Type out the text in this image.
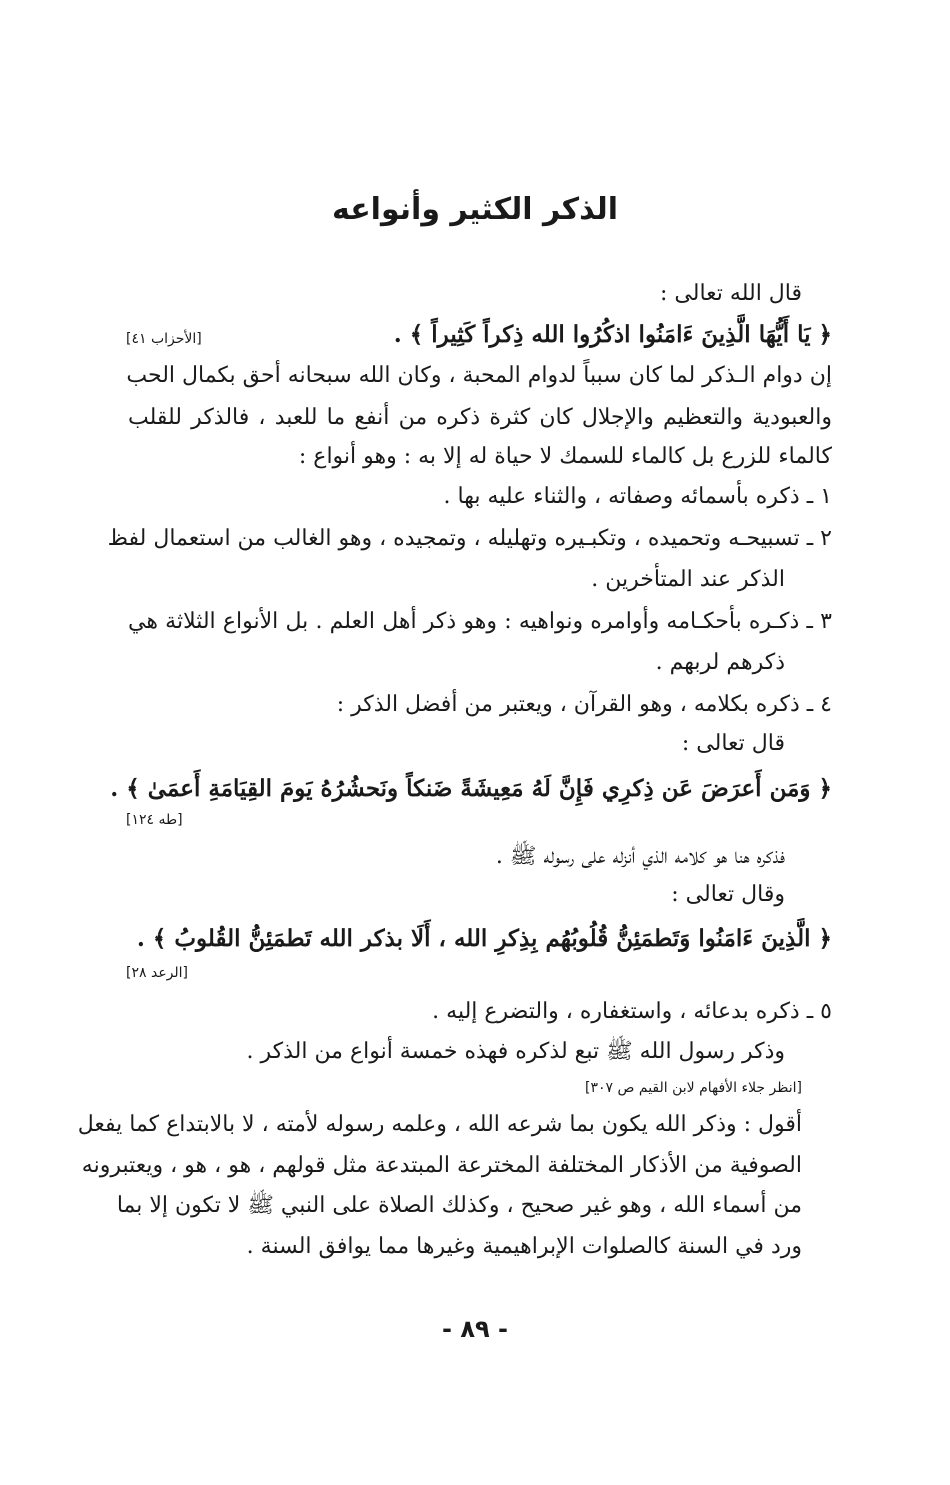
الذكر الكثير وأنواعه
قال الله تعالى :
﴿ يَا أَيُّهَا الَّذِينَ ءَامَنُوا اذكُرُوا الله ذِكراً كَثِيراً ﴾ .
[الأحزاب ٤١]
إن دوام الـذكر لما كان سبباً لدوام المحبة ، وكان الله سبحانه أحق بكمال الحب
والعبودية والتعظيم والإجلال كان كثرة ذكره من أنفع ما للعبد ، فالذكر للقلب
كالماء للزرع بل كالماء للسمك لا حياة له إلا به : وهو أنواع :
١ ـ ذكره بأسمائه وصفاته ، والثناء عليه بها .
٢ ـ تسبيحـه وتحميده ، وتكبـيره وتهليله ، وتمجيده ، وهو الغالب من استعمال لفظ
الذكر عند المتأخرين .
٣ ـ ذكـره بأحكـامه وأوامره ونواهيه : وهو ذكر أهل العلم . بل الأنواع الثلاثة هي
ذكرهم لربهم .
٤ ـ ذكره بكلامه ، وهو القرآن ، ويعتبر من أفضل الذكر :
قال تعالى :
﴿ وَمَن أَعرَضَ عَن ذِكرِي فَإِنَّ لَهُ مَعِيشَةً ضَنكاً ونَحشُرُهُ يَومَ القِيَامَةِ أَعمَىٰ ﴾ .
[طه ١٢٤]
فذكره هنا هو كلامه الذي أنزله على رسوله ﷺ .
وقال تعالى :
﴿ الَّذِينَ ءَامَنُوا وَتَطمَئِنُّ قُلُوبُهُم بِذِكرِ الله ، أَلَا بذكر الله تَطمَئِنُّ القُلوبُ ﴾ .
[الرعد ٢٨]
٥ ـ ذكره بدعائه ، واستغفاره ، والتضرع إليه .
وذكر رسول الله ﷺ تبع لذكره فهذه خمسة أنواع من الذكر .
[انظر جلاء الأفهام لابن القيم ص ٣٠٧]
أقول : وذكر الله يكون بما شرعه الله ، وعلمه رسوله لأمته ، لا بالابتداع كما يفعل
الصوفية من الأذكار المختلفة المخترعة المبتدعة مثل قولهم ، هو ، هو ، ويعتبرونه
من أسماء الله ، وهو غير صحيح ، وكذلك الصلاة على النبي ﷺ لا تكون إلا بما
ورد في السنة كالصلوات الإبراهيمية وغيرها مما يوافق السنة .
- ٨٩ -
